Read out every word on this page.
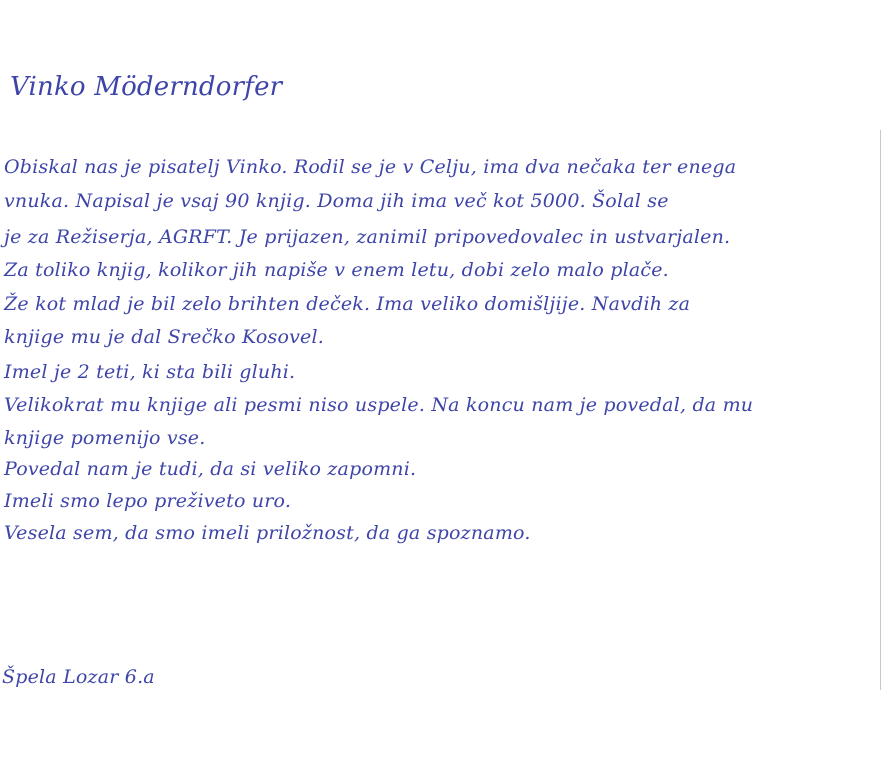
Vinko Möderndorfer
Obiskal nas je pisatelj Vinko. Rodil se je v Celju, ima dva nečaka ter enega
vnuka. Napisal je vsaj 90 knjig. Doma jih ima več kot 5000. Šolal se
je za Režiserja, AGRFT. Je prijazen, zanimil pripovedovalec in ustvarjalen.
Za toliko knjig, kolikor jih napiše v enem letu, dobi zelo malo plače.
Že kot mlad je bil zelo brihten deček. Ima veliko domišljije. Navdih za
knjige mu je dal Srečko Kosovel.
Imel je 2 teti, ki sta bili gluhi.
Velikokrat mu knjige ali pesmi niso uspele. Na koncu nam je povedal, da mu
knjige pomenijo vse.
Povedal nam je tudi, da si veliko zapomni.
Imeli smo lepo preživeto uro.
Vesela sem, da smo imeli priložnost, da ga spoznamo.
Špela Lozar 6.a
